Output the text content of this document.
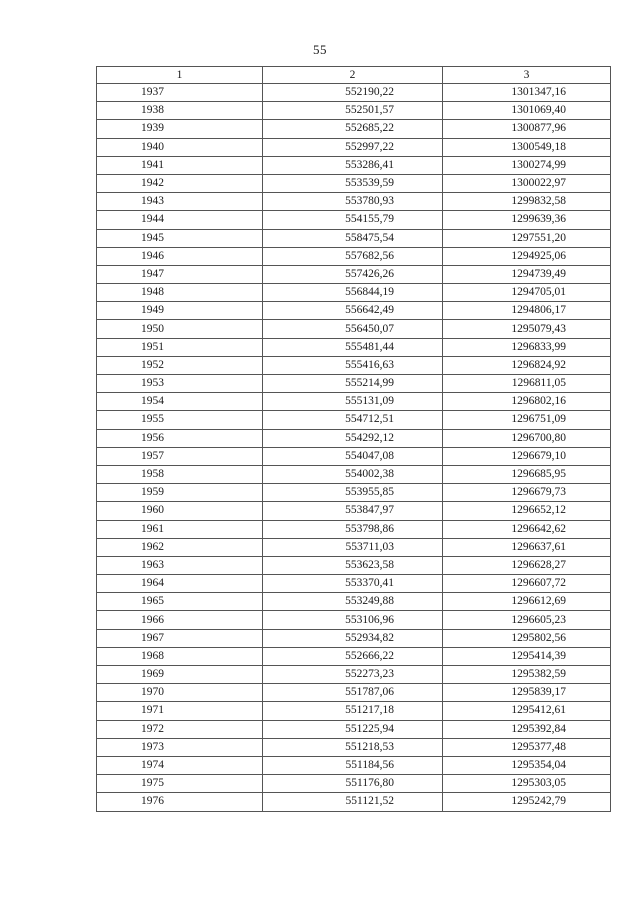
55
1	2	3
1937	552190,22	1301347,16
1938	552501,57	1301069,40
1939	552685,22	1300877,96
1940	552997,22	1300549,18
1941	553286,41	1300274,99
1942	553539,59	1300022,97
1943	553780,93	1299832,58
1944	554155,79	1299639,36
1945	558475,54	1297551,20
1946	557682,56	1294925,06
1947	557426,26	1294739,49
1948	556844,19	1294705,01
1949	556642,49	1294806,17
1950	556450,07	1295079,43
1951	555481,44	1296833,99
1952	555416,63	1296824,92
1953	555214,99	1296811,05
1954	555131,09	1296802,16
1955	554712,51	1296751,09
1956	554292,12	1296700,80
1957	554047,08	1296679,10
1958	554002,38	1296685,95
1959	553955,85	1296679,73
1960	553847,97	1296652,12
1961	553798,86	1296642,62
1962	553711,03	1296637,61
1963	553623,58	1296628,27
1964	553370,41	1296607,72
1965	553249,88	1296612,69
1966	553106,96	1296605,23
1967	552934,82	1295802,56
1968	552666,22	1295414,39
1969	552273,23	1295382,59
1970	551787,06	1295839,17
1971	551217,18	1295412,61
1972	551225,94	1295392,84
1973	551218,53	1295377,48
1974	551184,56	1295354,04
1975	551176,80	1295303,05
1976	551121,52	1295242,79
